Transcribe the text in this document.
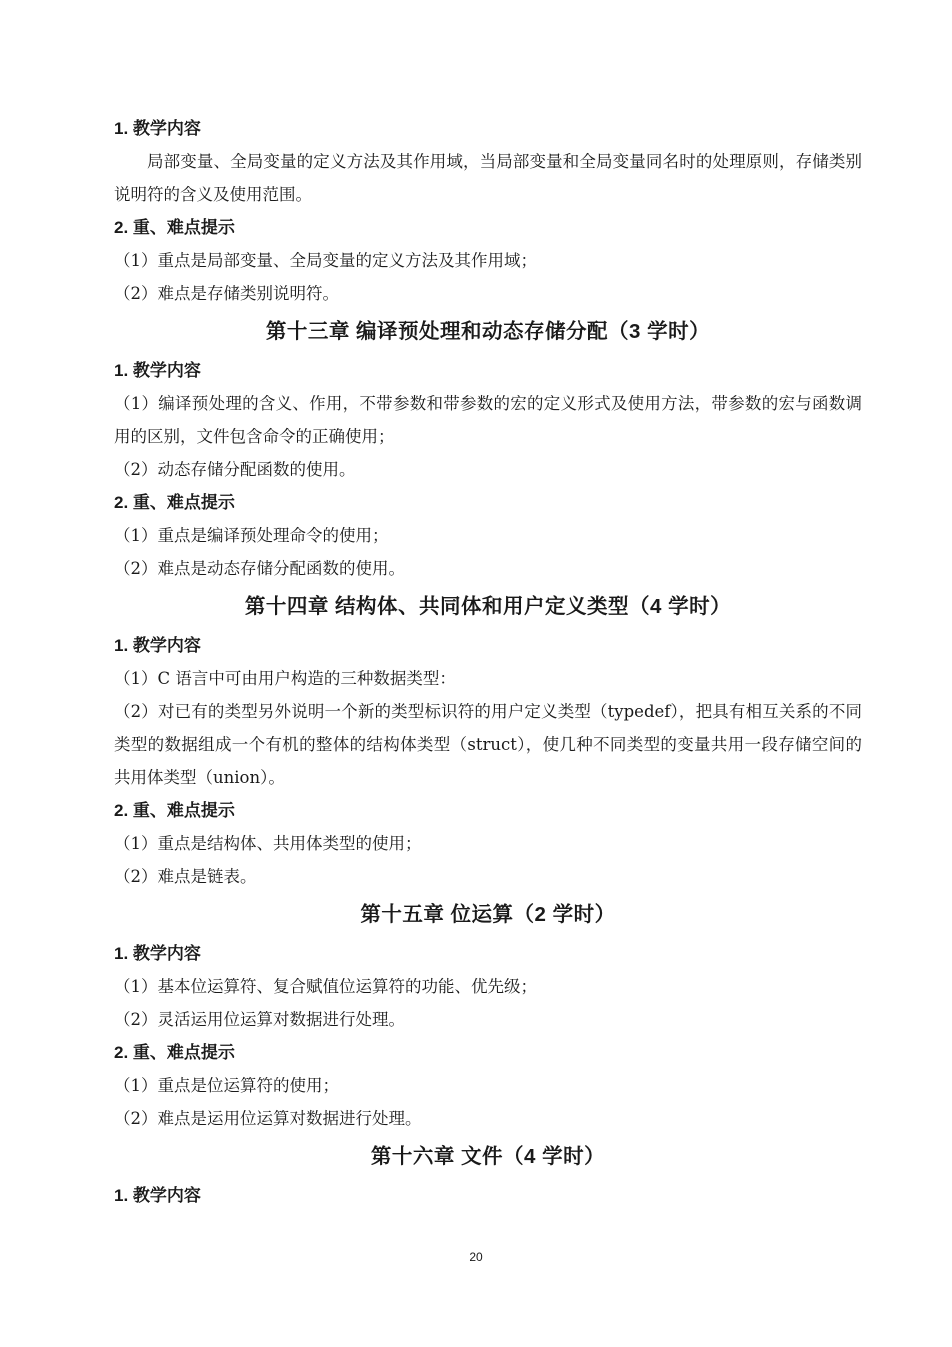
1. 教学内容

局部变量、全局变量的定义方法及其作用域，当局部变量和全局变量同名时的处理原则，存储类别说明符的含义及使用范围。

2. 重、难点提示

（1）重点是局部变量、全局变量的定义方法及其作用域；

（2）难点是存储类别说明符。

第十三章 编译预处理和动态存储分配（3 学时）
1. 教学内容

（1）编译预处理的含义、作用，不带参数和带参数的宏的定义形式及使用方法，带参数的宏与函数调用的区别，文件包含命令的正确使用；

（2）动态存储分配函数的使用。

2. 重、难点提示

（1）重点是编译预处理命令的使用；

（2）难点是动态存储分配函数的使用。

第十四章 结构体、共同体和用户定义类型（4 学时）
1. 教学内容

（1）C 语言中可由用户构造的三种数据类型：

（2）对已有的类型另外说明一个新的类型标识符的用户定义类型（typedef），把具有相互关系的不同类型的数据组成一个有机的整体的结构体类型（struct），使几种不同类型的变量共用一段存储空间的共用体类型（union）。

2. 重、难点提示

（1）重点是结构体、共用体类型的使用；

（2）难点是链表。

第十五章 位运算（2 学时）
1. 教学内容

（1）基本位运算符、复合赋值位运算符的功能、优先级；

（2）灵活运用位运算对数据进行处理。

2. 重、难点提示

（1）重点是位运算符的使用；

（2）难点是运用位运算对数据进行处理。

第十六章 文件（4 学时）
1. 教学内容
20
